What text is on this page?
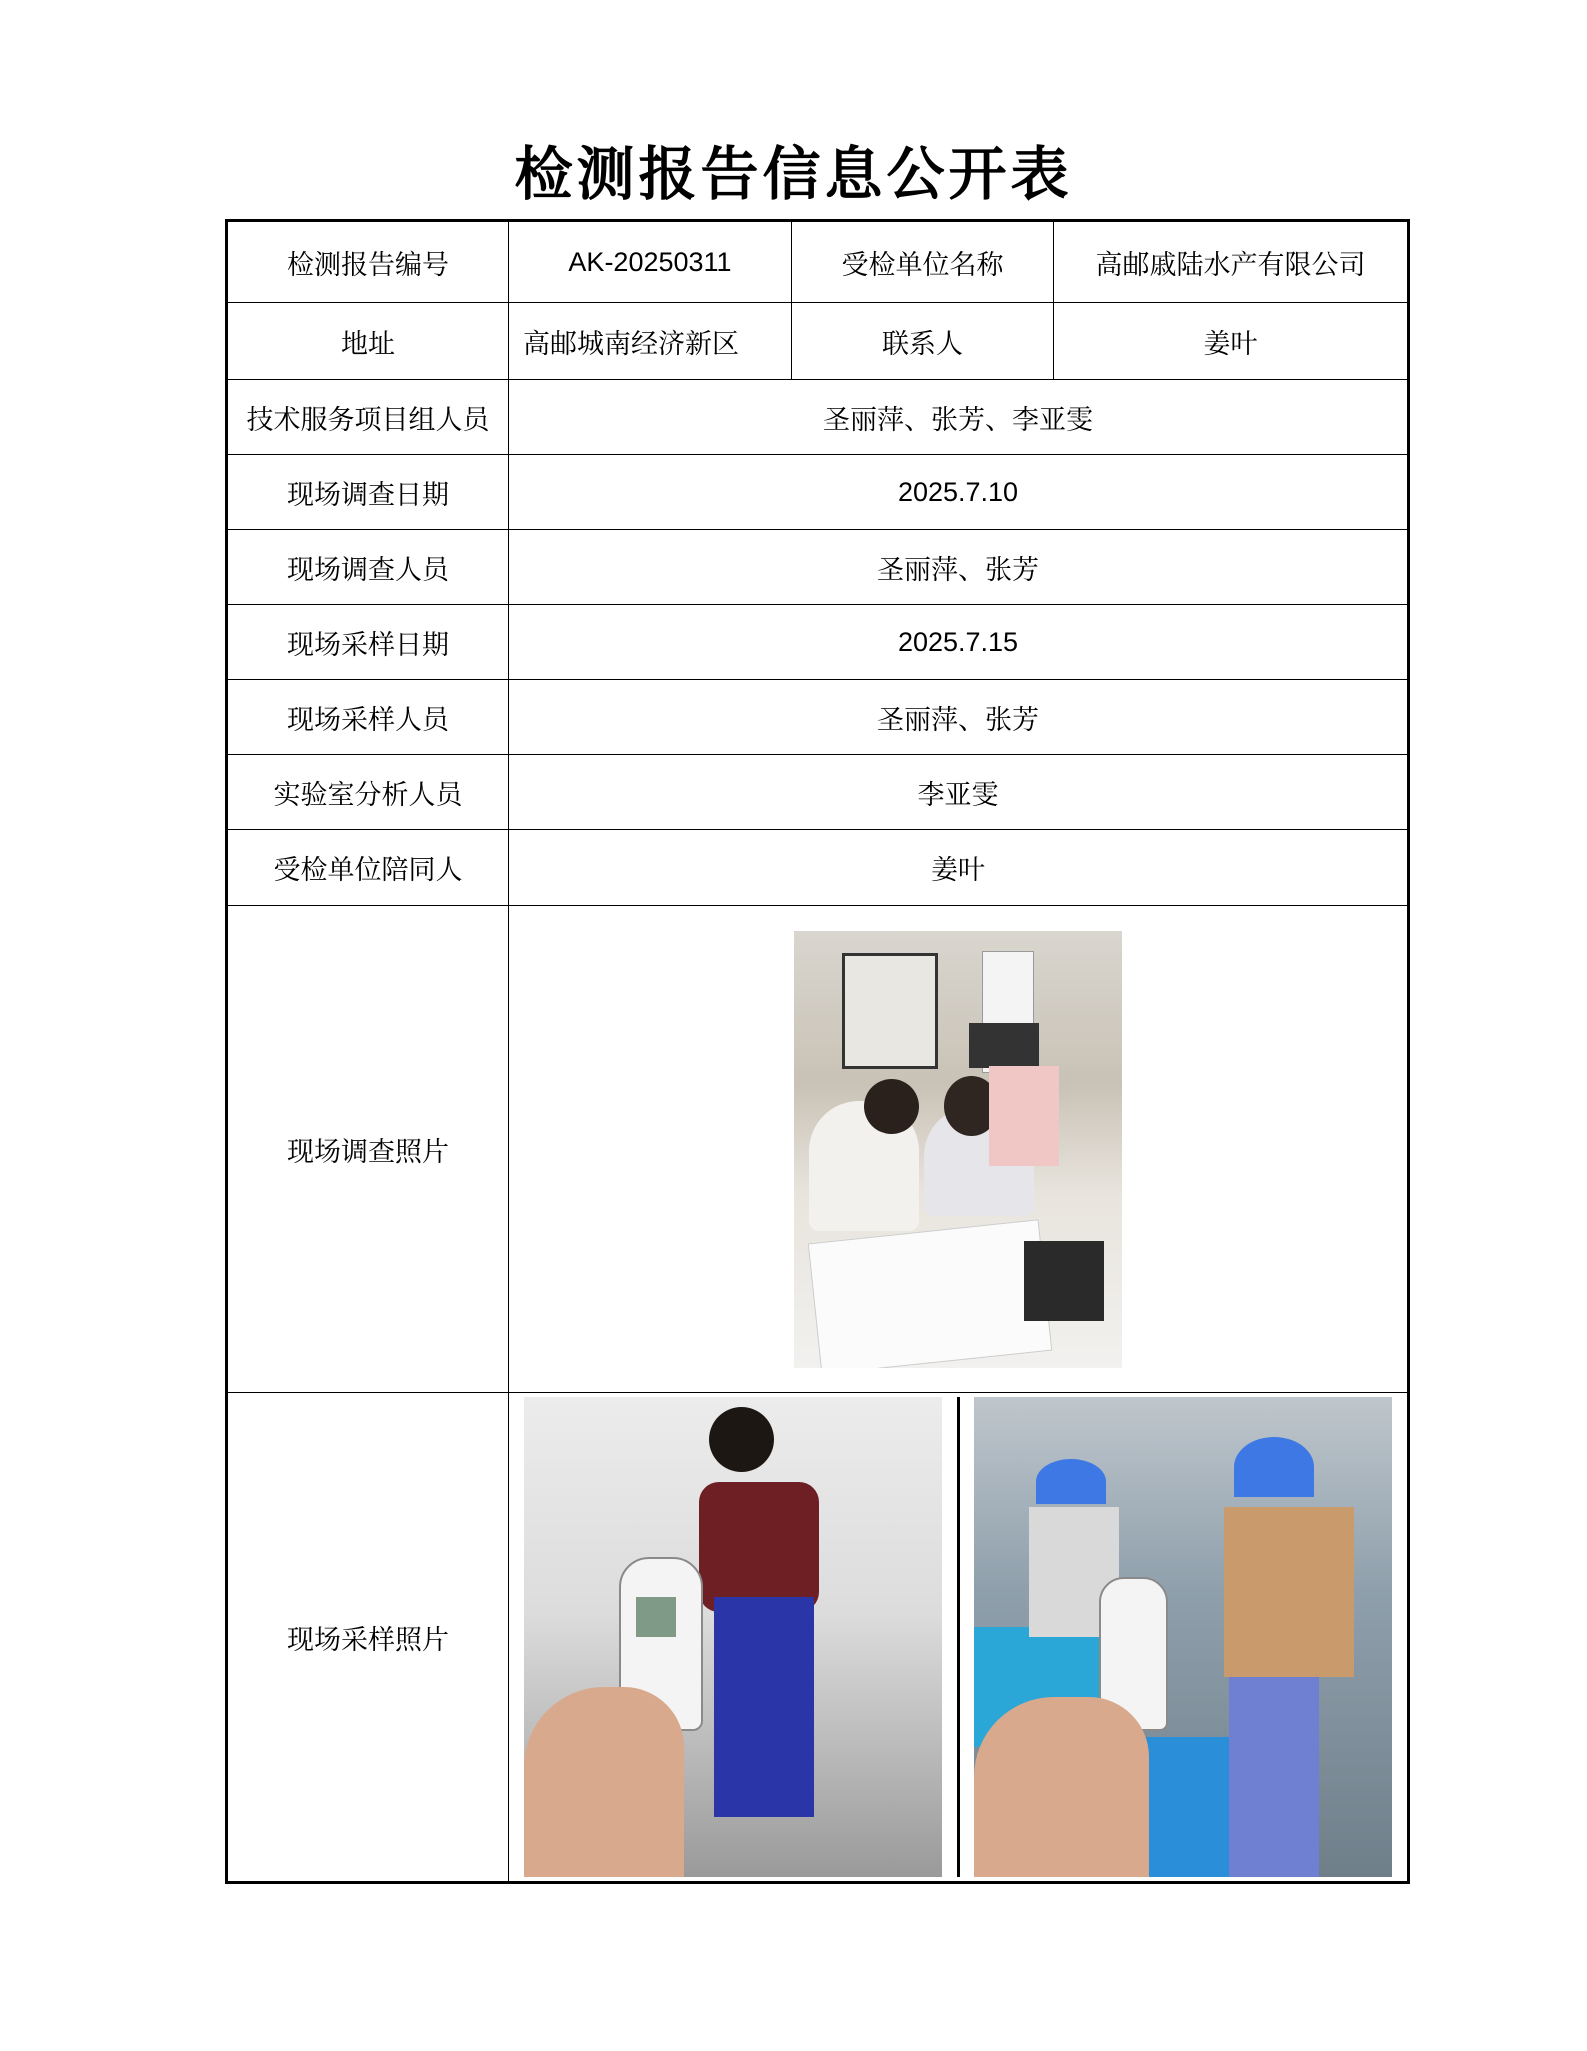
检测报告信息公开表
检测报告编号	AK-20250311	受检单位名称	高邮戚陆水产有限公司
地址	高邮城南经济新区	联系人	姜叶
技术服务项目组人员	圣丽萍、张芳、李亚雯		
现场调查日期	2025.7.10		
现场调查人员	圣丽萍、张芳		
现场采样日期	2025.7.15		
现场采样人员	圣丽萍、张芳		
实验室分析人员	李亚雯		
受检单位陪同人	姜叶		
现场调查照片			

现场采样照片			
